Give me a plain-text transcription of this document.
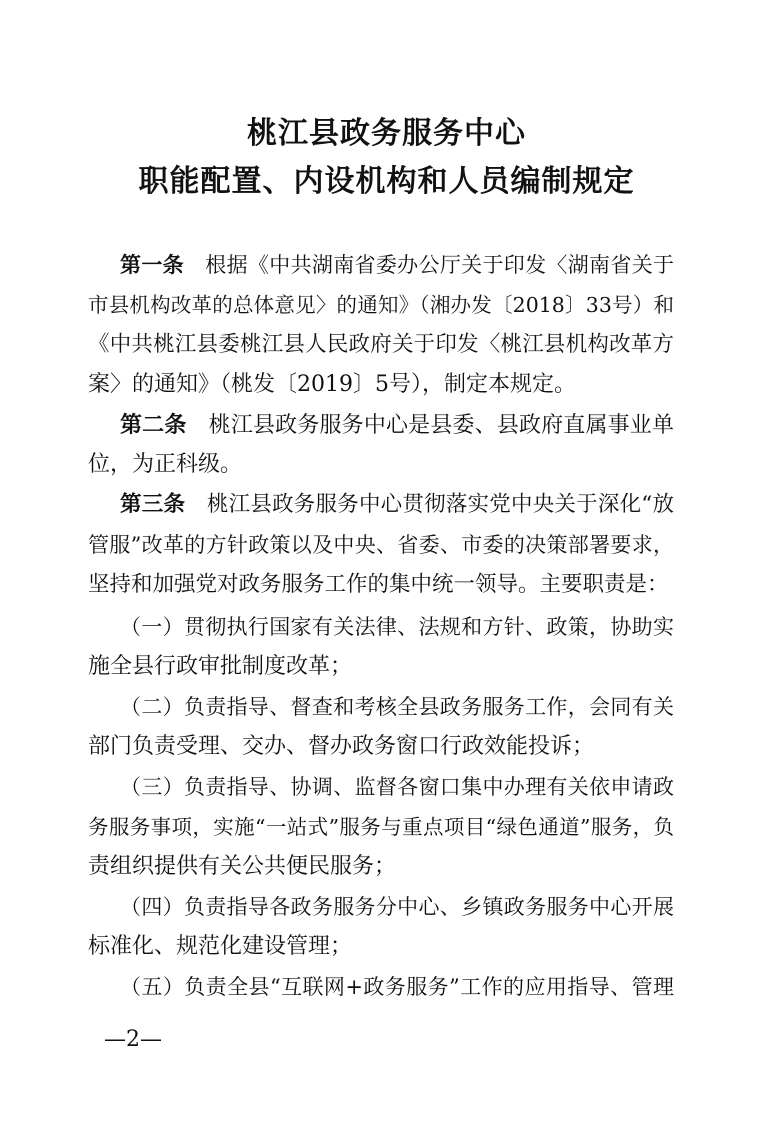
桃江县政务服务中心
职能配置、内设机构和人员编制规定
第一条　 根据《中共湖南省委办公厅关于印发〈湖南省关于
市县机构改革的总体意见〉的通知》（湘办发〔2018〕33号）和
《中共桃江县委桃江县人民政府关于印发〈桃江县机构改革方
案〉的通知》（桃发〔2019〕5号），制定本规定。
第二条　 桃江县政务服务中心是县委、县政府直属事业单
位，为正科级。
第三条　 桃江县政务服务中心贯彻落实党中央关于深化“放
管服”改革的方针政策以及中央、省委、市委的决策部署要求，
坚持和加强党对政务服务工作的集中统一领导。主要职责是：
（一）贯彻执行国家有关法律、法规和方针、政策，协助实
施全县行政审批制度改革；
（二）负责指导、督查和考核全县政务服务工作，会同有关
部门负责受理、交办、督办政务窗口行政效能投诉；
（三）负责指导、协调、监督各窗口集中办理有关依申请政
务服务事项，实施“一站式”服务与重点项目“绿色通道”服务，负
责组织提供有关公共便民服务；
（四）负责指导各政务服务分中心、乡镇政务服务中心开展
标准化、规范化建设管理；
（五）负责全县“互联网+政务服务”工作的应用指导、管理
—2—
